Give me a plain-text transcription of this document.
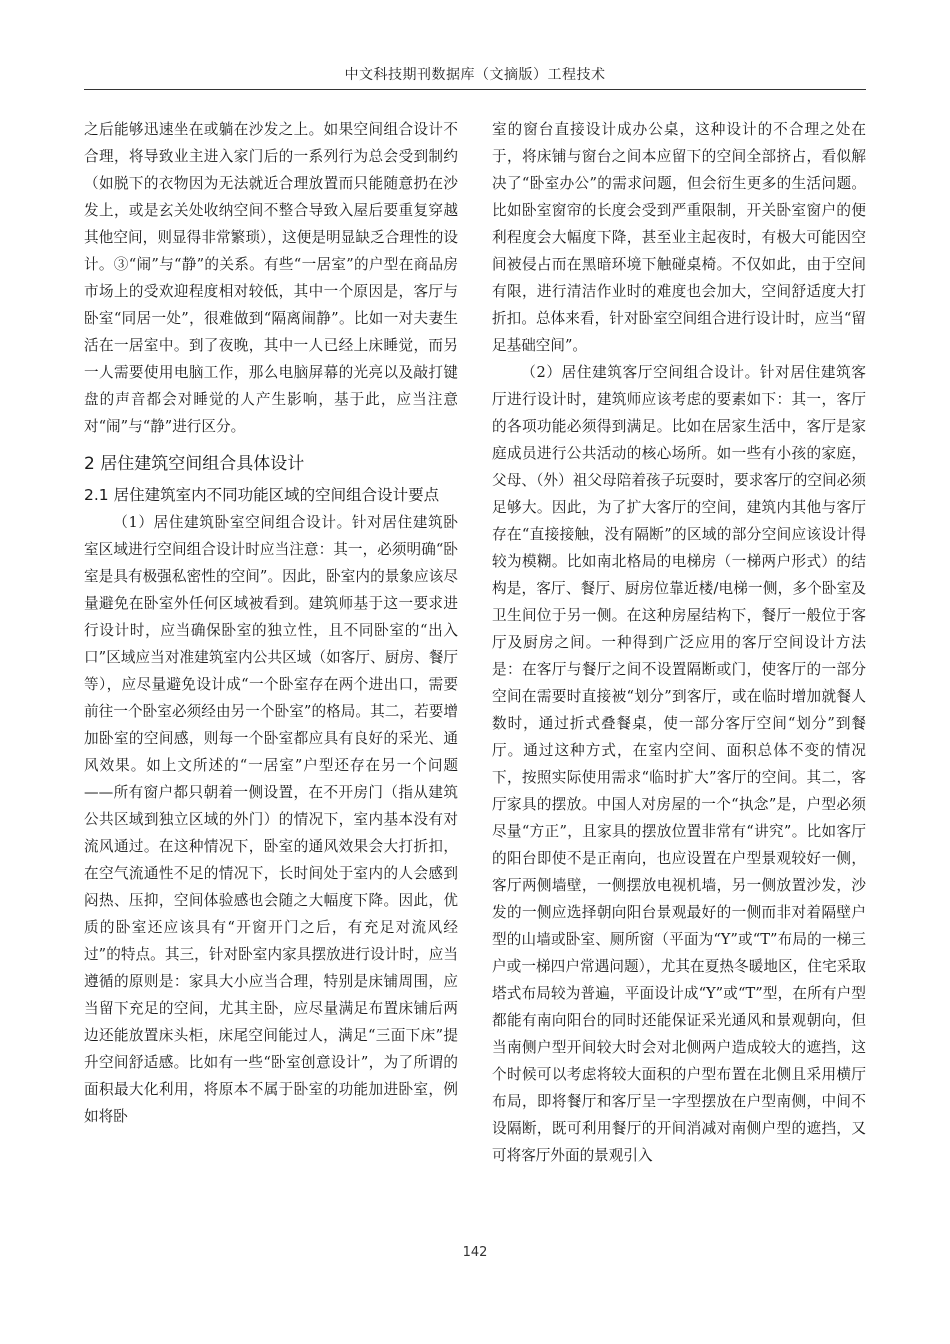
中文科技期刊数据库（文摘版）工程技术

之后能够迅速坐在或躺在沙发之上。如果空间组合设计不合理，将导致业主进入家门后的一系列行为总会受到制约（如脱下的衣物因为无法就近合理放置而只能随意扔在沙发上，或是玄关处收纳空间不整合导致入屋后要重复穿越其他空间，则显得非常繁琐），这便是明显缺乏合理性的设计。③“闹”与“静”的关系。有些“一居室”的户型在商品房市场上的受欢迎程度相对较低，其中一个原因是，客厅与卧室“同居一处”，很难做到“隔离闹静”。比如一对夫妻生活在一居室中。到了夜晚，其中一人已经上床睡觉，而另一人需要使用电脑工作，那么电脑屏幕的光亮以及敲打键盘的声音都会对睡觉的人产生影响，基于此，应当注意对“闹”与“静”进行区分。

2 居住建筑空间组合具体设计

2.1 居住建筑室内不同功能区域的空间组合设计要点

（1）居住建筑卧室空间组合设计。针对居住建筑卧室区域进行空间组合设计时应当注意：其一，必须明确“卧室是具有极强私密性的空间”。因此，卧室内的景象应该尽量避免在卧室外任何区域被看到。建筑师基于这一要求进行设计时，应当确保卧室的独立性，且不同卧室的“出入口”区域应当对准建筑室内公共区域（如客厅、厨房、餐厅等），应尽量避免设计成“一个卧室存在两个进出口，需要前往一个卧室必须经由另一个卧室”的格局。其二，若要增加卧室的空间感，则每一个卧室都应具有良好的采光、通风效果。如上文所述的“一居室”户型还存在另一个问题——所有窗户都只朝着一侧设置，在不开房门（指从建筑公共区域到独立区域的外门）的情况下，室内基本没有对流风通过。在这种情况下，卧室的通风效果会大打折扣，在空气流通性不足的情况下，长时间处于室内的人会感到闷热、压抑，空间体验感也会随之大幅度下降。因此，优质的卧室还应该具有“开窗开门之后，有充足对流风经过”的特点。其三，针对卧室内家具摆放进行设计时，应当遵循的原则是：家具大小应当合理，特别是床铺周围，应当留下充足的空间，尤其主卧，应尽量满足布置床铺后两边还能放置床头柜，床尾空间能过人，满足“三面下床”提升空间舒适感。比如有一些“卧室创意设计”，为了所谓的面积最大化利用，将原本不属于卧室的功能加进卧室，例如将卧

室的窗台直接设计成办公桌，这种设计的不合理之处在于，将床铺与窗台之间本应留下的空间全部挤占，看似解决了“卧室办公”的需求问题，但会衍生更多的生活问题。比如卧室窗帘的长度会受到严重限制，开关卧室窗户的便利程度会大幅度下降，甚至业主起夜时，有极大可能因空间被侵占而在黑暗环境下触碰桌椅。不仅如此，由于空间有限，进行清洁作业时的难度也会加大，空间舒适度大打折扣。总体来看，针对卧室空间组合进行设计时，应当“留足基础空间”。

（2）居住建筑客厅空间组合设计。针对居住建筑客厅进行设计时，建筑师应该考虑的要素如下：其一，客厅的各项功能必须得到满足。比如在居家生活中，客厅是家庭成员进行公共活动的核心场所。如一些有小孩的家庭，父母、（外）祖父母陪着孩子玩耍时，要求客厅的空间必须足够大。因此，为了扩大客厅的空间，建筑内其他与客厅存在“直接接触，没有隔断”的区域的部分空间应该设计得较为模糊。比如南北格局的电梯房（一梯两户形式）的结构是，客厅、餐厅、厨房位靠近楼/电梯一侧，多个卧室及卫生间位于另一侧。在这种房屋结构下，餐厅一般位于客厅及厨房之间。一种得到广泛应用的客厅空间设计方法是：在客厅与餐厅之间不设置隔断或门，使客厅的一部分空间在需要时直接被“划分”到客厅，或在临时增加就餐人数时，通过折式叠餐桌，使一部分客厅空间“划分”到餐厅。通过这种方式，在室内空间、面积总体不变的情况下，按照实际使用需求“临时扩大”客厅的空间。其二，客厅家具的摆放。中国人对房屋的一个“执念”是，户型必须尽量“方正”，且家具的摆放位置非常有“讲究”。比如客厅的阳台即使不是正南向，也应设置在户型景观较好一侧，客厅两侧墙壁，一侧摆放电视机墙，另一侧放置沙发，沙发的一侧应选择朝向阳台景观最好的一侧而非对着隔壁户型的山墙或卧室、厕所窗（平面为“Y”或“T”布局的一梯三户或一梯四户常遇问题），尤其在夏热冬暖地区，住宅采取塔式布局较为普遍，平面设计成“Y”或“T”型，在所有户型都能有南向阳台的同时还能保证采光通风和景观朝向，但当南侧户型开间较大时会对北侧两户造成较大的遮挡，这个时候可以考虑将较大面积的户型布置在北侧且采用横厅布局，即将餐厅和客厅呈一字型摆放在户型南侧，中间不设隔断，既可利用餐厅的开间消减对南侧户型的遮挡，又可将客厅外面的景观引入

142
